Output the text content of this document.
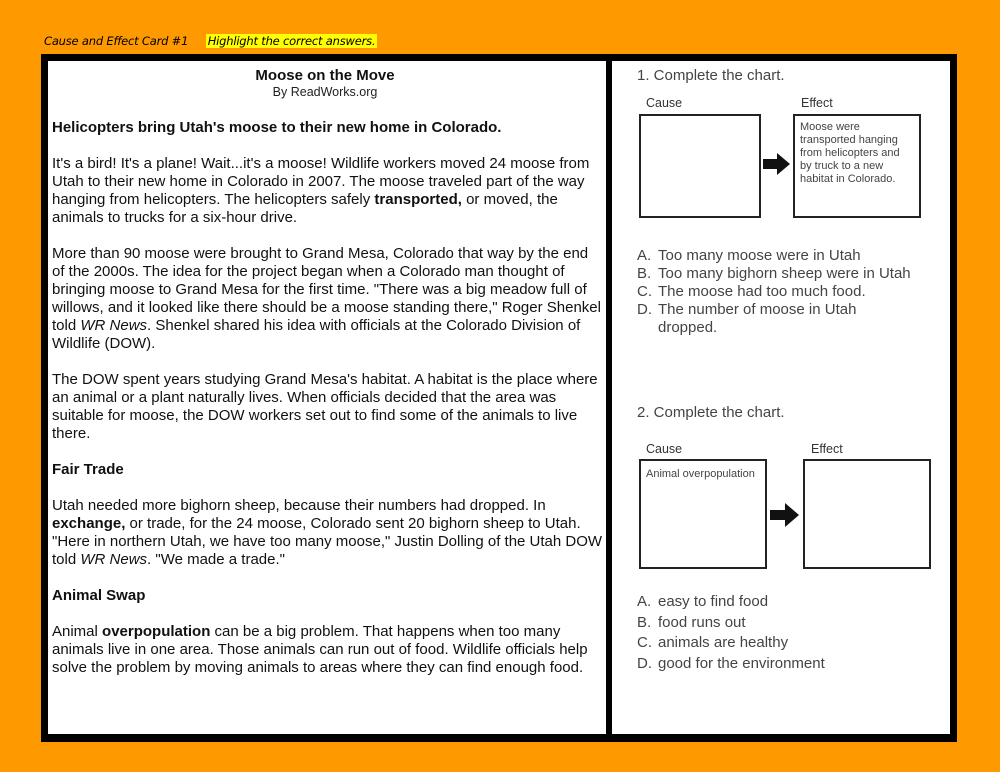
Cause and Effect Card #1 Highlight the correct answers.
Moose on the Move
By ReadWorks.org
Helicopters bring Utah's moose to their new home in Colorado.
It's a bird! It's a plane! Wait...it's a moose! Wildlife workers moved 24 moose from Utah to their new home in Colorado in 2007. The moose traveled part of the way hanging from helicopters. The helicopters safely transported, or moved, the animals to trucks for a six-hour drive.
More than 90 moose were brought to Grand Mesa, Colorado that way by the end of the 2000s. The idea for the project began when a Colorado man thought of bringing moose to Grand Mesa for the first time. "There was a big meadow full of willows, and it looked like there should be a moose standing there," Roger Shenkel told WR News. Shenkel shared his idea with officials at the Colorado Division of Wildlife (DOW).
The DOW spent years studying Grand Mesa's habitat. A habitat is the place where an animal or a plant naturally lives. When officials decided that the area was suitable for moose, the DOW workers set out to find some of the animals to live there.
Fair Trade
Utah needed more bighorn sheep, because their numbers had dropped. In exchange, or trade, for the 24 moose, Colorado sent 20 bighorn sheep to Utah. "Here in northern Utah, we have too many moose," Justin Dolling of the Utah DOW told WR News. "We made a trade."
Animal Swap
Animal overpopulation can be a big problem. That happens when too many animals live in one area. Those animals can run out of food. Wildlife officials help solve the problem by moving animals to areas where they can find enough food.
1. Complete the chart.
Cause	Effect
Moose were transported hanging from helicopters and by truck to a new habitat in Colorado.
A. Too many moose were in Utah
B. Too many bighorn sheep were in Utah
C. The moose had too much food.
D. The number of moose in Utah dropped.
2. Complete the chart.
Cause	Effect
Animal overpopulation
A. easy to find food
B. food runs out
C. animals are healthy
D. good for the environment
